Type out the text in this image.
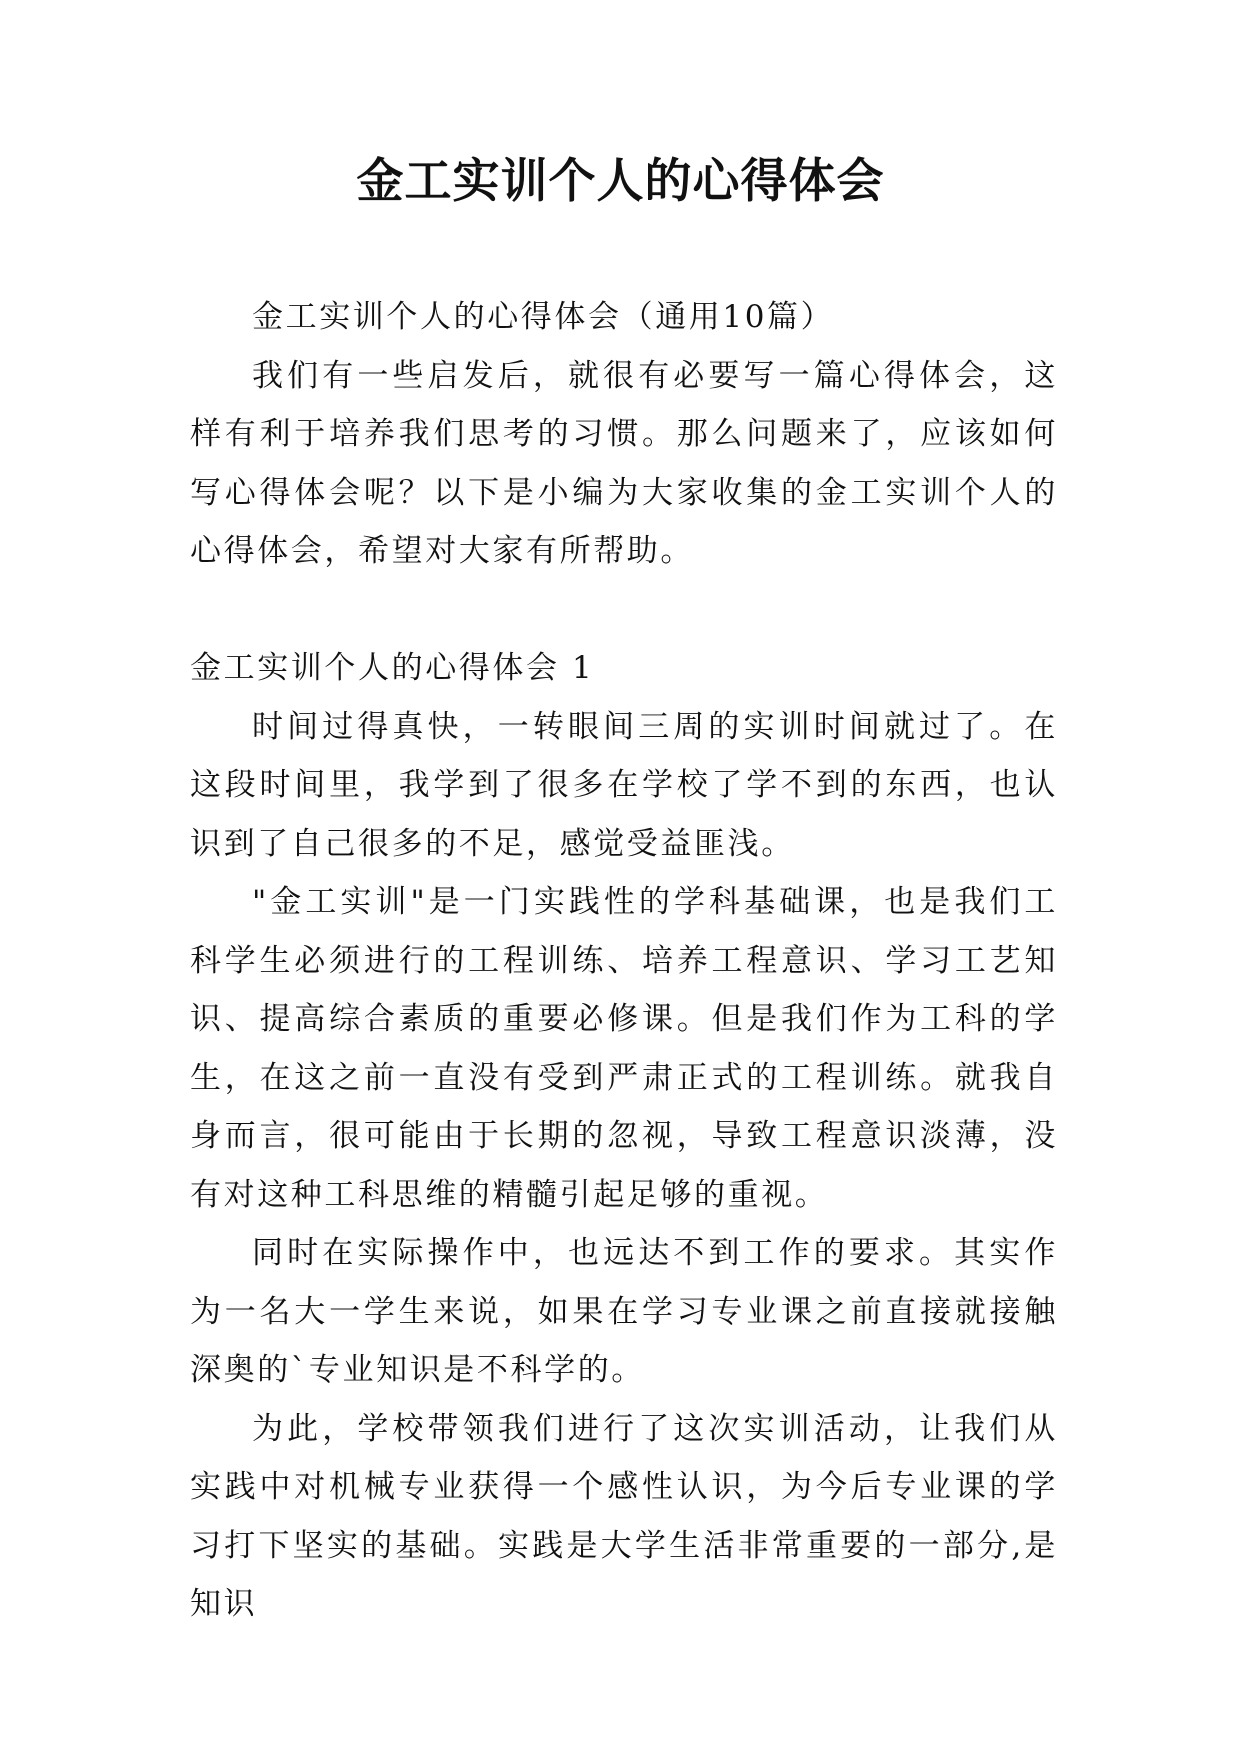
金工实训个人的心得体会

金工实训个人的心得体会（通用10篇）

我们有一些启发后，就很有必要写一篇心得体会，这样有利于培养我们思考的习惯。那么问题来了，应该如何写心得体会呢？以下是小编为大家收集的金工实训个人的心得体会，希望对大家有所帮助。

金工实训个人的心得体会 1

时间过得真快，一转眼间三周的实训时间就过了。在这段时间里，我学到了很多在学校了学不到的东西，也认识到了自己很多的不足，感觉受益匪浅。

"金工实训"是一门实践性的学科基础课，也是我们工科学生必须进行的工程训练、培养工程意识、学习工艺知识、提高综合素质的重要必修课。但是我们作为工科的学生，在这之前一直没有受到严肃正式的工程训练。就我自身而言，很可能由于长期的忽视，导致工程意识淡薄，没有对这种工科思维的精髓引起足够的重视。

同时在实际操作中，也远达不到工作的要求。其实作为一名大一学生来说，如果在学习专业课之前直接就接触深奥的`专业知识是不科学的。

为此，学校带领我们进行了这次实训活动，让我们从实践中对机械专业获得一个感性认识，为今后专业课的学习打下坚实的基础。实践是大学生活非常重要的一部分,是知识
